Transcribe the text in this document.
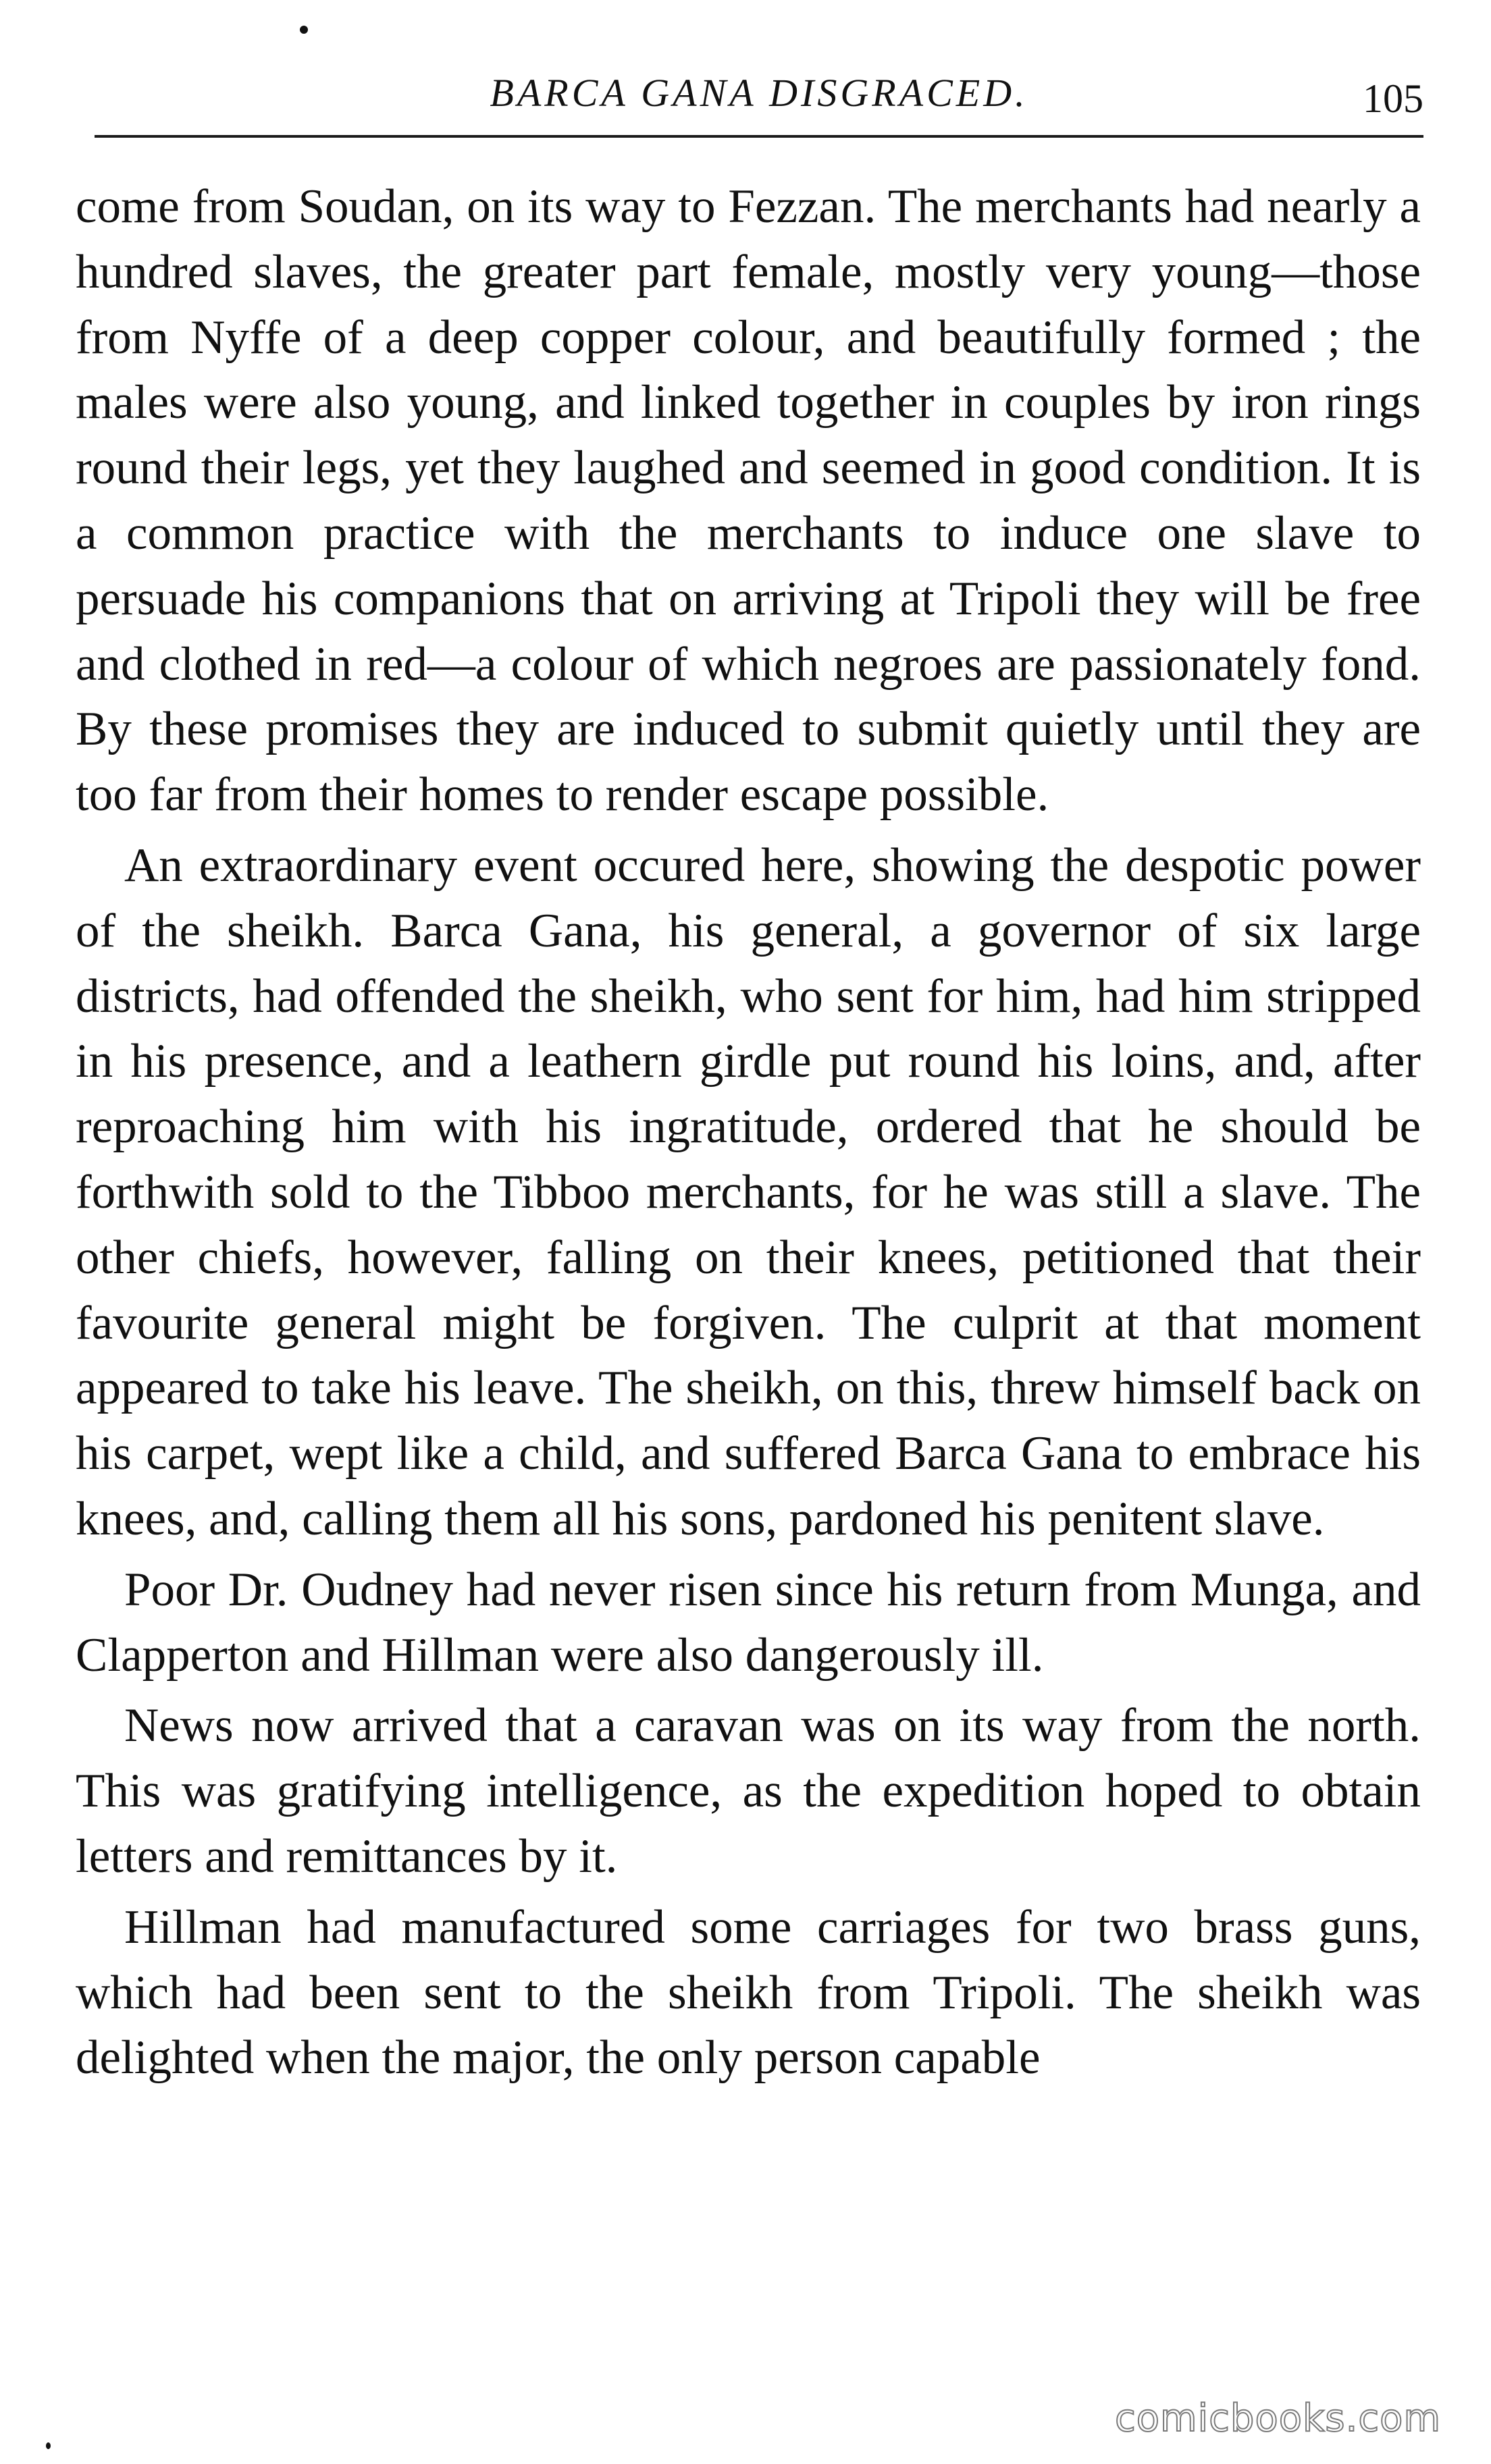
BARCA GANA DISGRACED.	105

come from Soudan, on its way to Fezzan. The merchants had nearly a hundred slaves, the greater part female, mostly very young—those from Nyffe of a deep copper colour, and beautifully formed ; the males were also young, and linked together in couples by iron rings round their legs, yet they laughed and seemed in good condition. It is a common practice with the merchants to induce one slave to persuade his companions that on arriving at Tripoli they will be free and clothed in red—a colour of which negroes are passionately fond. By these promises they are induced to submit quietly until they are too far from their homes to render escape possible.

An extraordinary event occured here, showing the despotic power of the sheikh. Barca Gana, his general, a governor of six large districts, had offended the sheikh, who sent for him, had him stripped in his presence, and a leathern girdle put round his loins, and, after reproaching him with his ingratitude, ordered that he should be forthwith sold to the Tibboo merchants, for he was still a slave. The other chiefs, however, falling on their knees, petitioned that their favourite general might be forgiven. The culprit at that moment appeared to take his leave. The sheikh, on this, threw himself back on his carpet, wept like a child, and suffered Barca Gana to embrace his knees, and, calling them all his sons, pardoned his penitent slave.

Poor Dr. Oudney had never risen since his return from Munga, and Clapperton and Hillman were also dangerously ill.

News now arrived that a caravan was on its way from the north. This was gratifying intelligence, as the expedition hoped to obtain letters and remittances by it.

Hillman had manufactured some carriages for two brass guns, which had been sent to the sheikh from Tripoli. The sheikh was delighted when the major, the only person capable

comicbooks.com
